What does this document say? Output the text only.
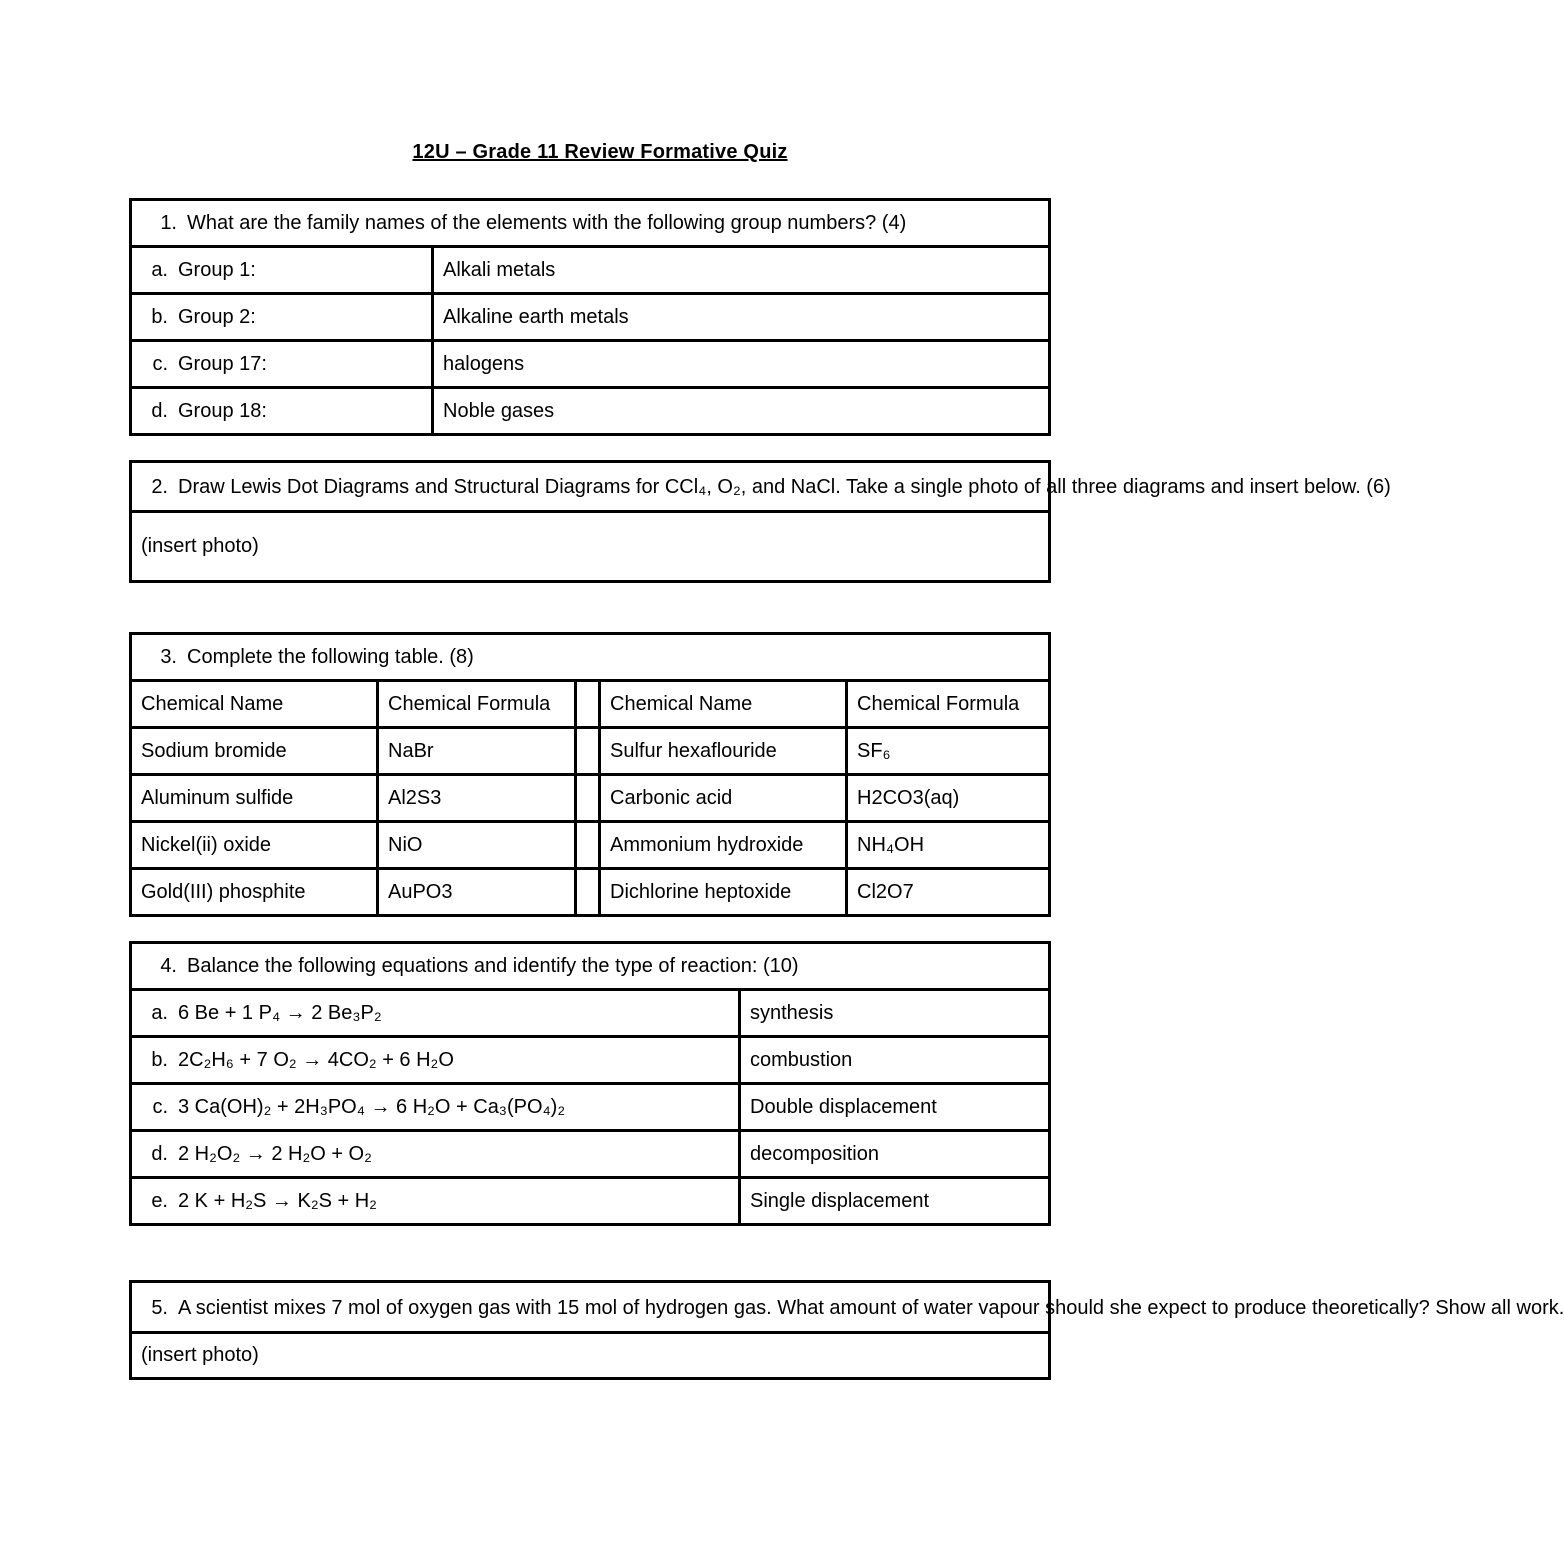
12U – Grade 11 Review Formative Quiz
1. What are the family names of the elements with the following group numbers? (4)	
a. Group 1:	Alkali metals
b. Group 2:	Alkaline earth metals
c. Group 17:	halogens
d. Group 18:	Noble gases
2. Draw Lewis Dot Diagrams and Structural Diagrams for CCl₄, O₂, and NaCl. Take a single photo of all three diagrams and insert below. (6)

(insert photo)
3. Complete the following table. (8)				
Chemical Name	Chemical Formula		Chemical Name	Chemical Formula
Sodium bromide	NaBr		Sulfur hexaflouride	SF₆
Aluminum sulfide	Al2S3		Carbonic acid	H2CO3(aq)
Nickel(ii) oxide	NiO		Ammonium hydroxide	NH₄OH
Gold(III) phosphite	AuPO3		Dichlorine heptoxide	Cl2O7
4. Balance the following equations and identify the type of reaction: (10)	
a. 6 Be + 1 P₄ → 2 Be₃P₂	synthesis
b. 2C₂H₆ + 7 O₂ → 4CO₂ + 6 H₂O	combustion
c. 3 Ca(OH)₂ + 2H₃PO₄ → 6 H₂O + Ca₃(PO₄)₂	Double displacement
d. 2 H₂O₂ → 2 H₂O + O₂	decomposition
e. 2 K + H₂S → K₂S + H₂	Single displacement
5. A scientist mixes 7 mol of oxygen gas with 15 mol of hydrogen gas. What amount of water vapour should she expect to produce theoretically? Show all work.

(insert photo)
